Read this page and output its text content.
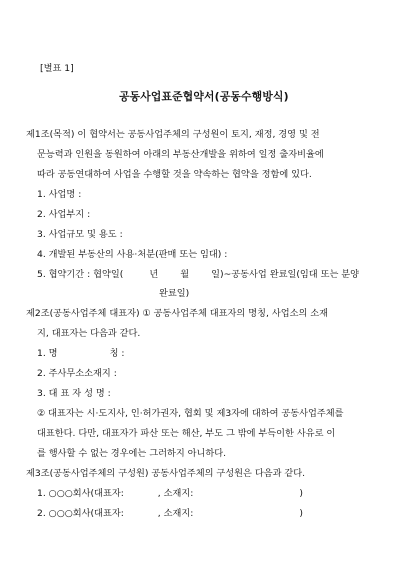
[별표 1]
공동사업표준협약서(공동수행방식)
제1조(목적) 이 협약서는 공동사업주체의 구성원이 토지, 재정, 경영 및 전
문능력과 인원을 동원하여 아래의 부동산개발을 위하여 일정 출자비율에
따라 공동연대하여 사업을 수행할 것을 약속하는 협약을 정함에 있다.
1. 사업명 :
2. 사업부지 :
3. 사업규모 및 용도 :
4. 개발된 부동산의 사용·처분(판매 또는 임대) :
5. 협약기간 : 협약일(	년 월 일)~공동사업 완료일(임대 또는 분양
완료일)
제2조(공동사업주체 대표자) ① 공동사업주체 대표자의 명칭, 사업소의 소재
지, 대표자는 다음과 같다.
1. 명	칭 :
2. 주사무소소재지 :
3. 대 표 자 성 명 :
② 대표자는 시·도지사, 인·허가권자, 협회 및 제3자에 대하여 공동사업주체를
대표한다. 다만, 대표자가 파산 또는 해산, 부도 그 밖에 부득이한 사유로 이
를 행사할 수 없는 경우에는 그러하지 아니하다.
제3조(공동사업주체의 구성원) 공동사업주체의 구성원은 다음과 같다.
1. ○○○회사(대표자:	, 소재지:	)
2. ○○○회사(대표자:	, 소재지:	)
